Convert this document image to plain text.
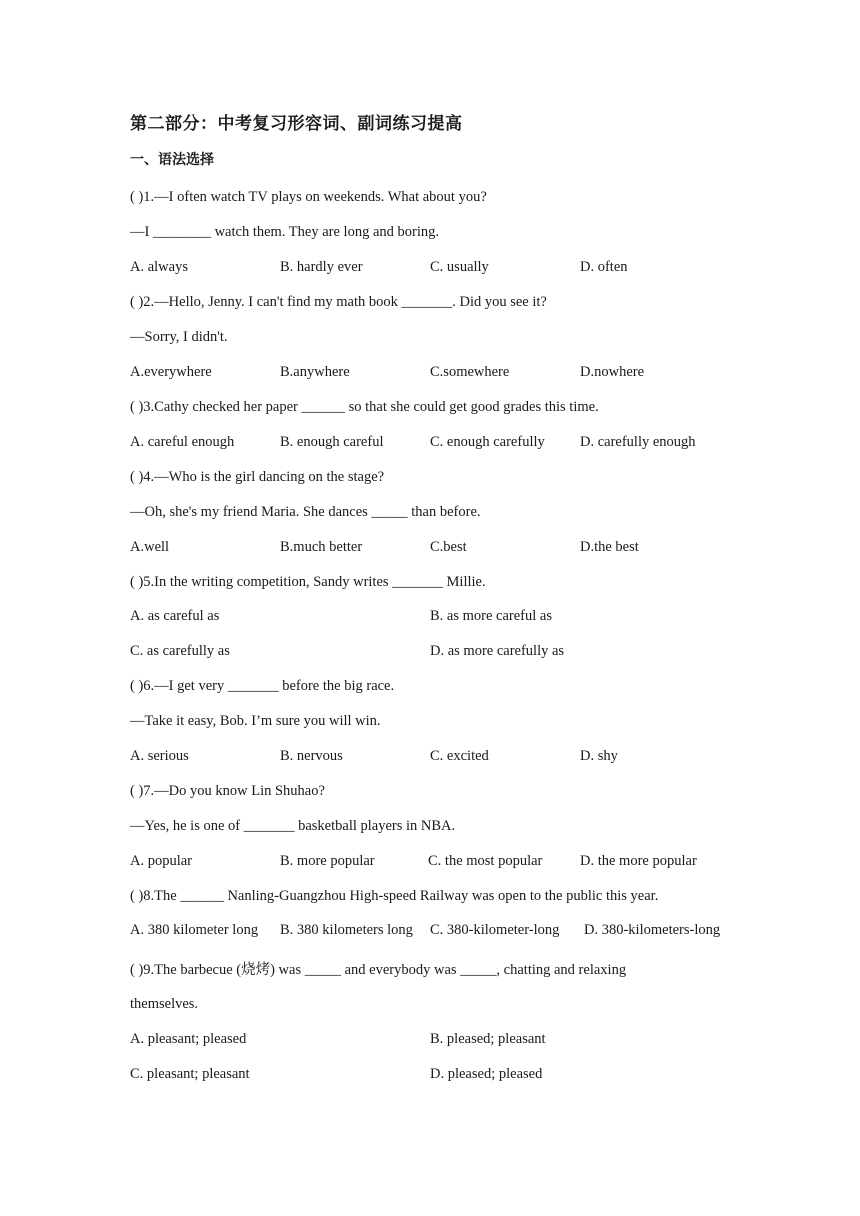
第二部分：中考复习形容词、副词练习提高
一、语法选择
( )1.—I often watch TV plays on weekends. What about you?
—I ________ watch them. They are long and boring.
A. always	B. hardly ever	C. usually	D. often
( )2.—Hello, Jenny. I can't find my math book _______. Did you see it?
—Sorry, I didn't.
A.everywhere	B.anywhere	C.somewhere	D.nowhere
( )3.Cathy checked her paper ______ so that she could get good grades this time.
A. careful enough	B. enough careful	C. enough carefully D. carefully enough
( )4.—Who is the girl dancing on the stage?
—Oh, she's my friend Maria. She dances _____ than before.
A.well	B.much better	C.best	D.the best
( )5.In the writing competition, Sandy writes _______ Millie.
A. as careful as	B. as more careful as
C. as carefully as	D. as more carefully as
( )6.—I get very _______ before the big race.
—Take it easy, Bob. I’m sure you will win.
A. serious	B. nervous	C. excited	D. shy
( )7.—Do you know Lin Shuhao?
—Yes, he is one of _______ basketball players in NBA.
A. popular	B. more popular	C. the most popular	D. the more popular
( )8.The ______ Nanling-Guangzhou High-speed Railway was open to the public this year.
A. 380 kilometer long B. 380 kilometers long C. 380-kilometer-long D. 380-kilometers-long
( )9.The barbecue (烧烤) was _____ and everybody was _____, chatting and relaxing
themselves.
A. pleasant; pleased	B. pleased; pleasant
C. pleasant; pleasant	D. pleased; pleased
